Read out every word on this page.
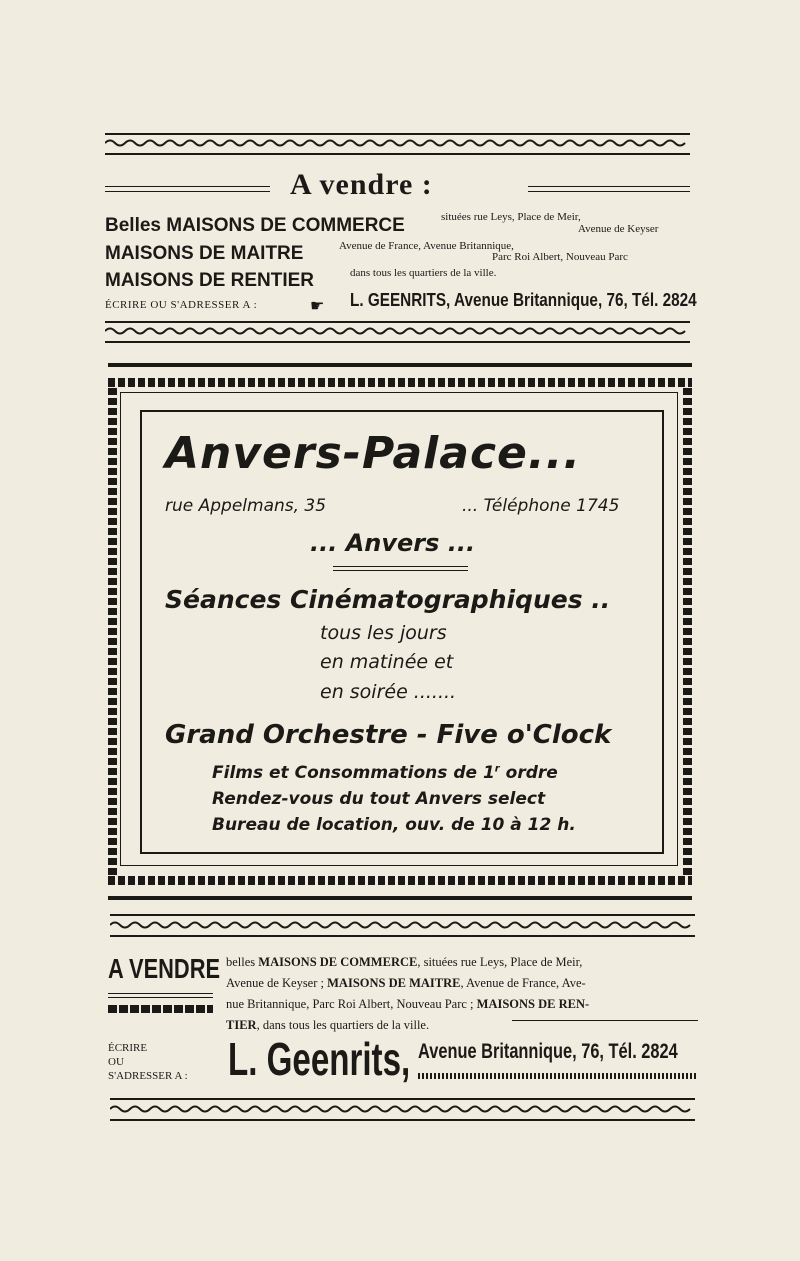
A vendre :
Belles MAISONS DE COMMERCE	situées rue Leys, Place de Meir,
Avenue de Keyser
MAISONS DE MAITRE	Avenue de France, Avenue Britannique,
Parc Roi Albert, Nouveau Parc
MAISONS DE RENTIER	dans tous les quartiers de la ville.
ÉCRIRE OU S'ADRESSER A :	☛ L. GEENRITS, Avenue Britannique, 76, Tél. 2824
Anvers-Palace...
rue Appelmans, 35	... Téléphone 1745
... Anvers ...
Séances Cinématographiques ..
tous les jours
en matinée et
en soirée .......
Grand Orchestre - Five o'Clock
Films et Consommations de 1$^r$ ordre
Rendez-vous du tout Anvers select
Bureau de location, ouv. de 10 à 12 h.
A VENDRE belles MAISONS DE COMMERCE, situées rue Leys, Place de Meir,
Avenue de Keyser ; MAISONS DE MAITRE, Avenue de France, Ave-
nue Britannique, Parc Roi Albert, Nouveau Parc ; MAISONS DE REN-
TIER, dans tous les quartiers de la ville.
ÉCRIRE
OU
S'ADRESSER A : L. Geenrits, Avenue Britannique, 76, Tél. 2824
